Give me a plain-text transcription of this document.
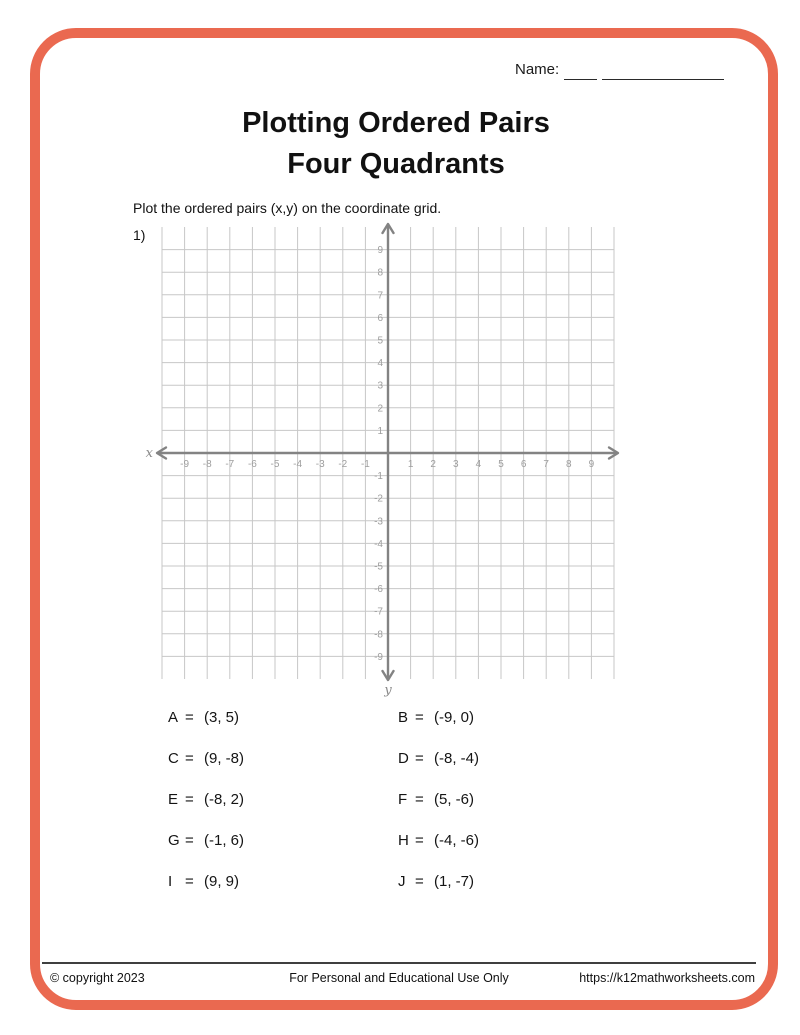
Name:
Plotting Ordered Pairs
Four Quadrants
Plot the ordered pairs (x,y) on the coordinate grid.
1)
-9 -8 -7 -6 -5 -4 -3 -2 -1	1 2 3 4 5 6 7 8 9
-9
-8
-7
-6
-5
-4
-3
-2
-1
1
2
3
4
5
6
7
8
9
x
y
A = (3, 5)	B = (-9, 0)
C = (9, -8)	D = (-8, -4)
E = (-8, 2)	F = (5, -6)
G = (-1, 6)	H = (-4, -6)
I = (9, 9)	J = (1, -7)
© copyright 2023	For Personal and Educational Use Only	https://k12mathworksheets.com
